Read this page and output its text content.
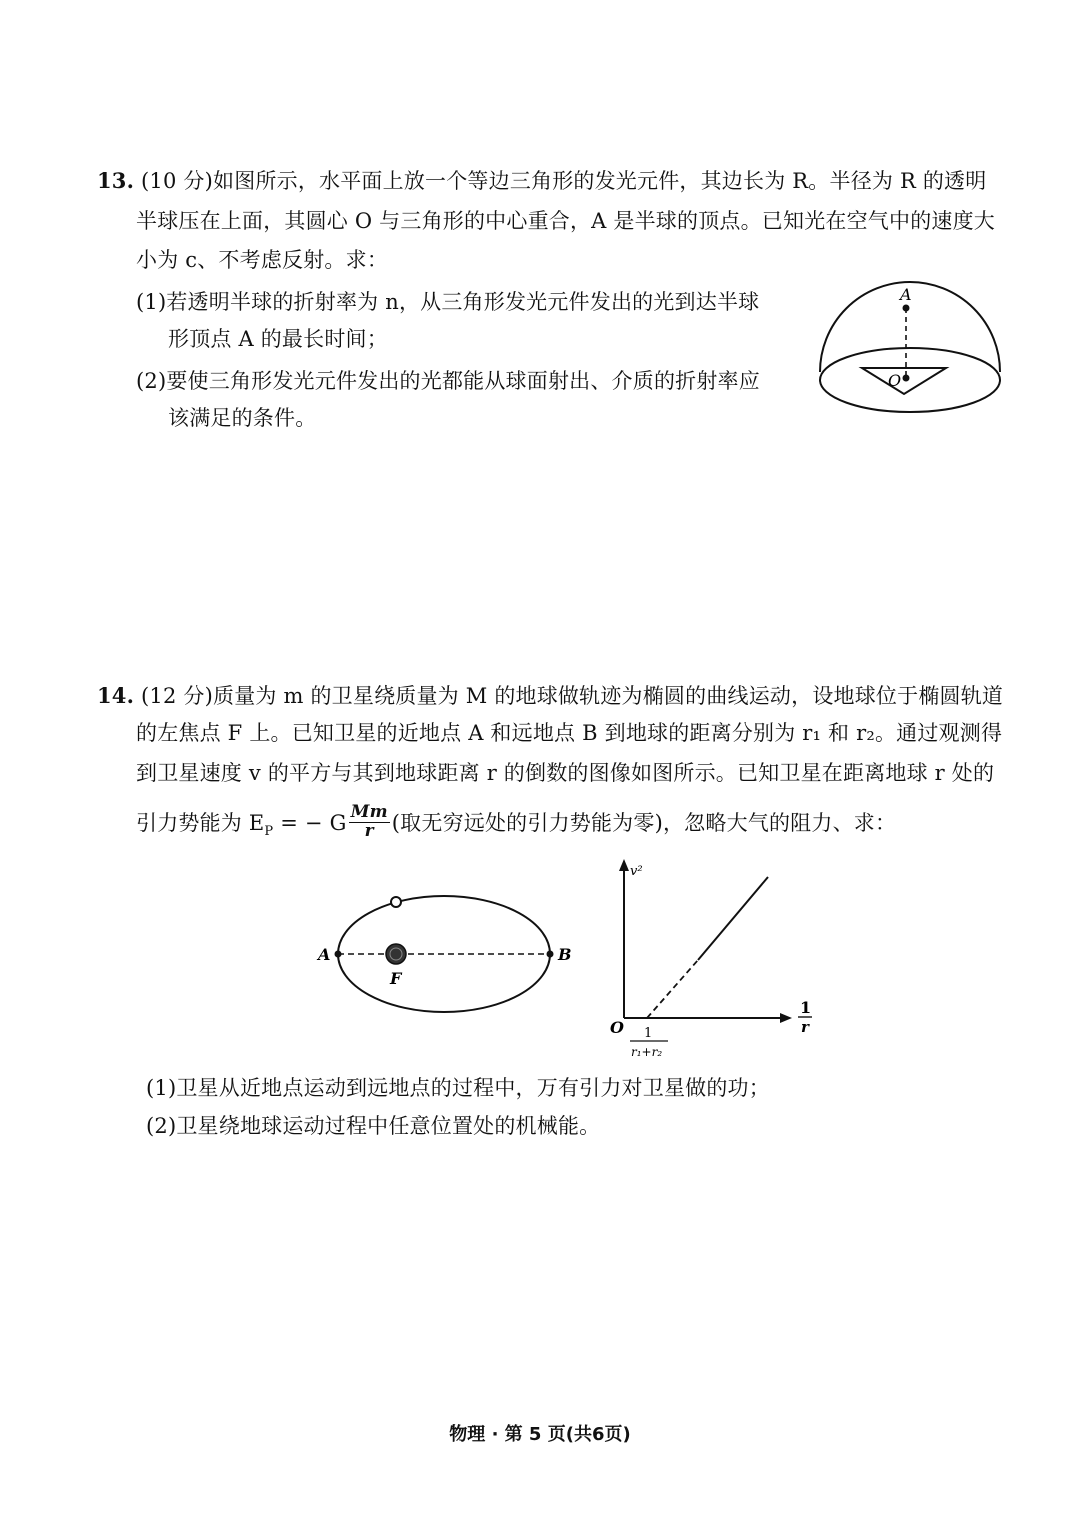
13. (10 分)如图所示，水平面上放一个等边三角形的发光元件，其边长为 R。半径为 R 的透明
半球压在上面，其圆心 O 与三角形的中心重合，A 是半球的顶点。已知光在空气中的速度大
小为 c、不考虑反射。求：
(1)若透明半球的折射率为 n，从三角形发光元件发出的光到达半球
形顶点 A 的最长时间；
(2)要使三角形发光元件发出的光都能从球面射出、介质的折射率应
该满足的条件。
A
O
14. (12 分)质量为 m 的卫星绕质量为 M 的地球做轨迹为椭圆的曲线运动，设地球位于椭圆轨道
的左焦点 F 上。已知卫星的近地点 A 和远地点 B 到地球的距离分别为 r₁ 和 r₂。通过观测得
到卫星速度 v 的平方与其到地球距离 r 的倒数的图像如图所示。已知卫星在距离地球 r 处的
引力势能为 $E_P$ = − G $\frac{Mm}{r}$ (取无穷远处的引力势能为零)，忽略大气的阻力、求：
A	B
F
v²
1
r
O 1
r₁+r₂
(1)卫星从近地点运动到远地点的过程中，万有引力对卫星做的功；
(2)卫星绕地球运动过程中任意位置处的机械能。
物理 · 第 5 页(共6页)
